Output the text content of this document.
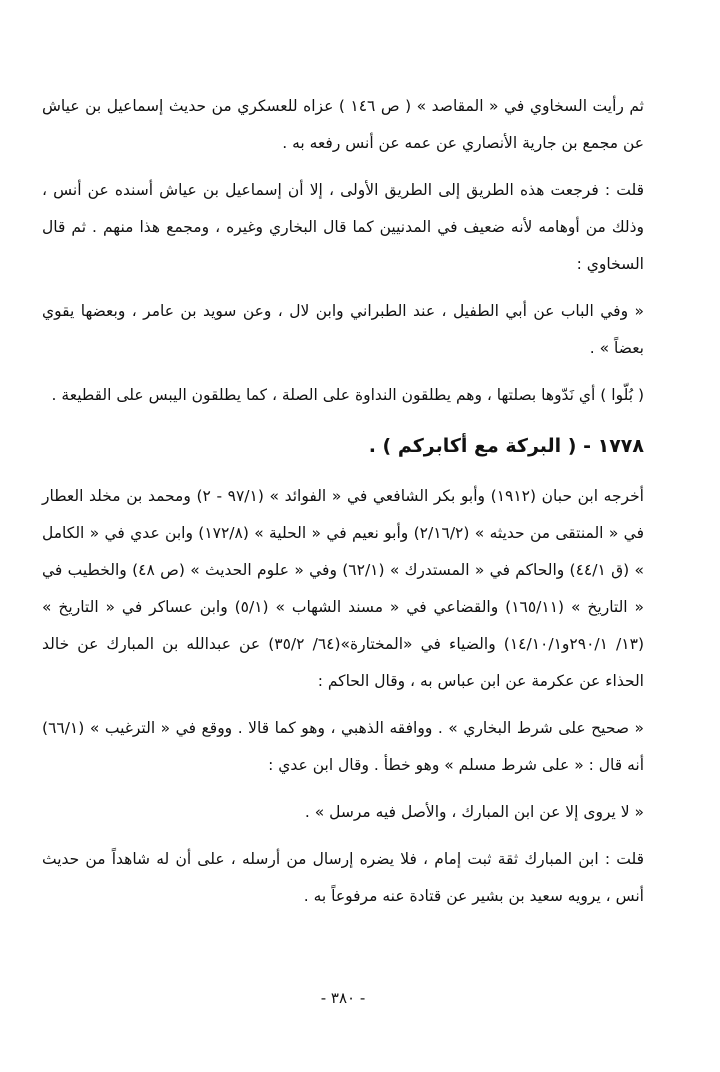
ثم رأيت السخاوي في « المقاصد » ( ص ١٤٦ ) عزاه للعسكري من حديث إسماعيل بن عياش عن مجمع بن جارية الأنصاري عن عمه عن أنس رفعه به .

قلت : فرجعت هذه الطريق إلى الطريق الأولى ، إلا أن إسماعيل بن عياش أسنده عن أنس ، وذلك من أوهامه لأنه ضعيف في المدنيين كما قال البخاري وغيره ، ومجمع هذا منهم . ثم قال السخاوي :

« وفي الباب عن أبي الطفيل ، عند الطبراني وابن لال ، وعن سويد بن عامر ، وبعضها يقوي بعضاً » .

( بُلّوا ) أي نَدّوها بصلتها ، وهم يطلقون النداوة على الصلة ، كما يطلقون اليبس على القطيعة .

١٧٧٨ - ( البركة مع أكابركم ) .

أخرجه ابن حبان (١٩١٢) وأبو بكر الشافعي في « الفوائد » (٩٧/١ - ٢) ومحمد بن مخلد العطار في « المنتقى من حديثه » (٢/١٦/٢) وأبو نعيم في « الحلية » (١٧٢/٨) وابن عدي في « الكامل » (ق ٤٤/١) والحاكم في « المستدرك » (٦٢/١) وفي « علوم الحديث » (ص ٤٨) والخطيب في « التاريخ » (١٦٥/١١) والقضاعي في « مسند الشهاب » (٥/١) وابن عساكر في « التاريخ » (١٣/ ٢٩٠/١و١٤/١٠/١) والضياء في «المختارة»(٦٤/ ٣٥/٢) عن عبدالله بن المبارك عن خالد الحذاء عن عكرمة عن ابن عباس به ، وقال الحاكم :

« صحيح على شرط البخاري » . ووافقه الذهبي ، وهو كما قالا . ووقع في « الترغيب » (٦٦/١) أنه قال : « على شرط مسلم » وهو خطأ . وقال ابن عدي :

« لا يروى إلا عن ابن المبارك ، والأصل فيه مرسل » .

قلت : ابن المبارك ثقة ثبت إمام ، فلا يضره إرسال من أرسله ، على أن له شاهداً من حديث أنس ، يرويه سعيد بن بشير عن قتادة عنه مرفوعاً به .

- ٣٨٠ -
